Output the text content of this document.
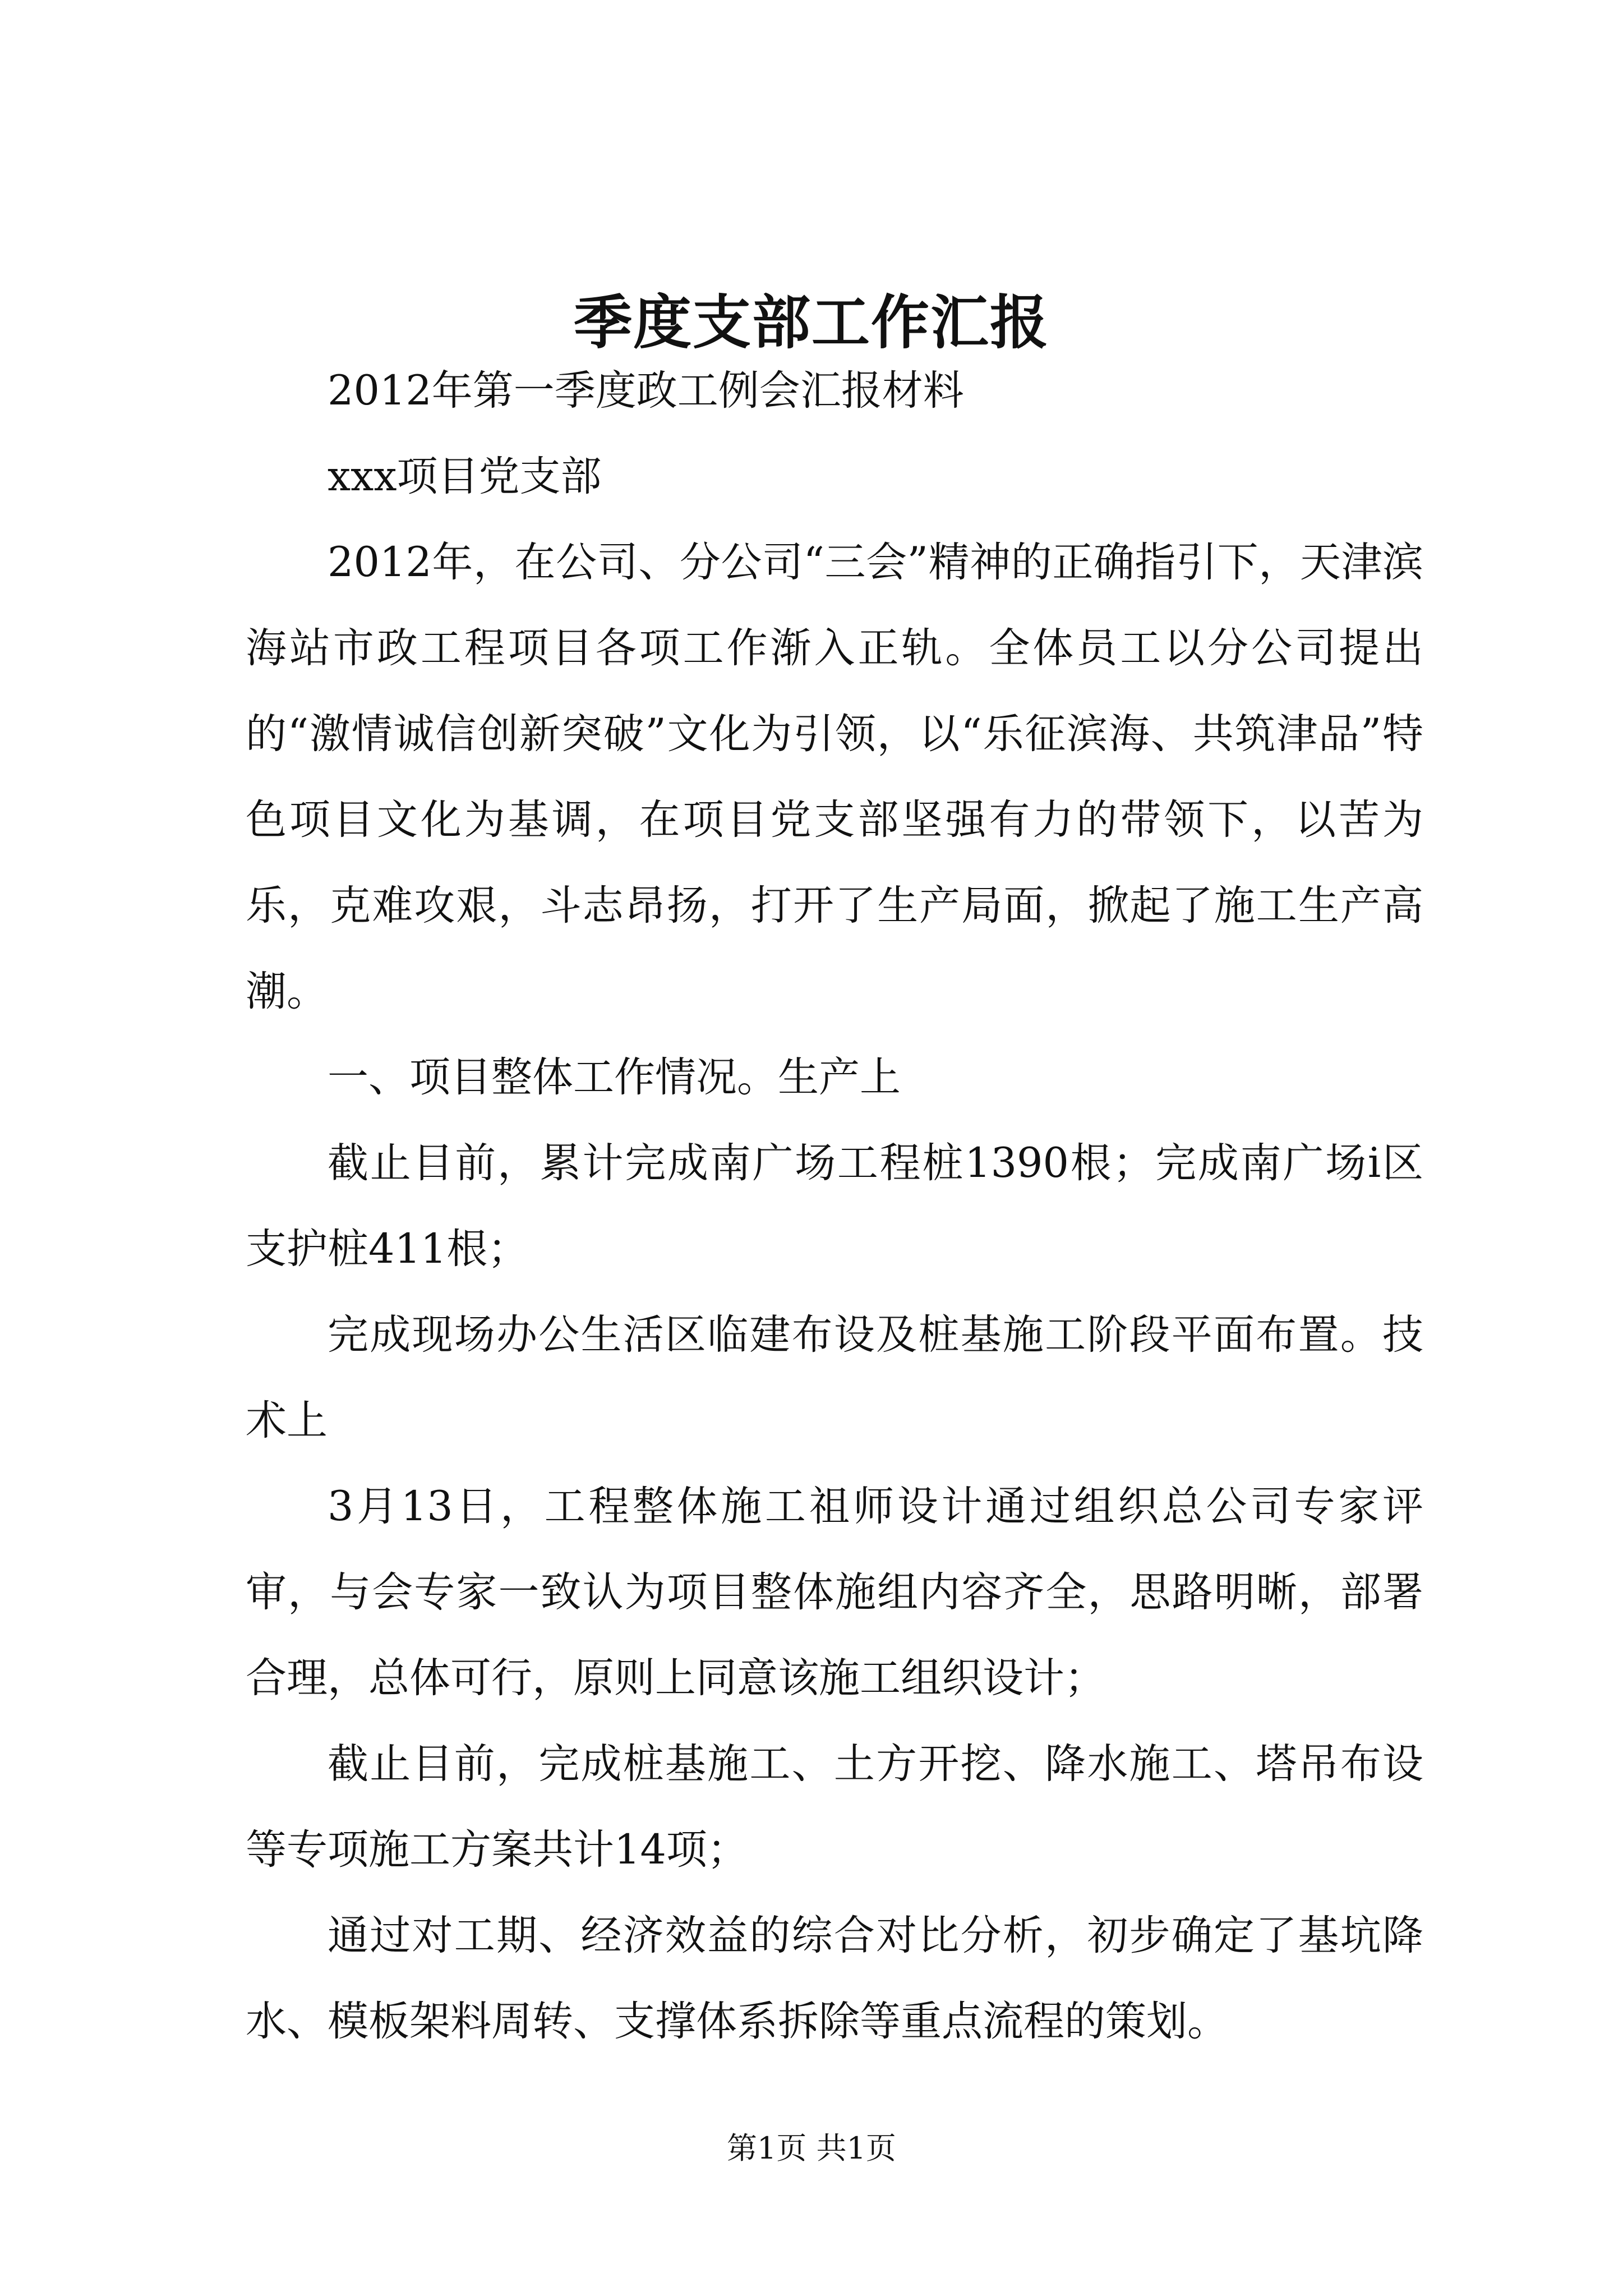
季度支部工作汇报

2012年第一季度政工例会汇报材料

xxx项目党支部

2012年，在公司、分公司“三会”精神的正确指引下，天津滨海站市政工程项目各项工作渐入正轨。全体员工以分公司提出的“激情诚信创新突破”文化为引领，以“乐征滨海、共筑津品”特色项目文化为基调，在项目党支部坚强有力的带领下，以苦为乐，克难攻艰，斗志昂扬，打开了生产局面，掀起了施工生产高潮。

一、项目整体工作情况。生产上

截止目前，累计完成南广场工程桩1390根；完成南广场i区支护桩411根；

完成现场办公生活区临建布设及桩基施工阶段平面布置。技术上

3月13日，工程整体施工祖师设计通过组织总公司专家评审，与会专家一致认为项目整体施组内容齐全，思路明晰，部署合理，总体可行，原则上同意该施工组织设计；

截止目前，完成桩基施工、土方开挖、降水施工、塔吊布设等专项施工方案共计14项；

通过对工期、经济效益的综合对比分析，初步确定了基坑降水、模板架料周转、支撑体系拆除等重点流程的策划。

第1页 共1页
